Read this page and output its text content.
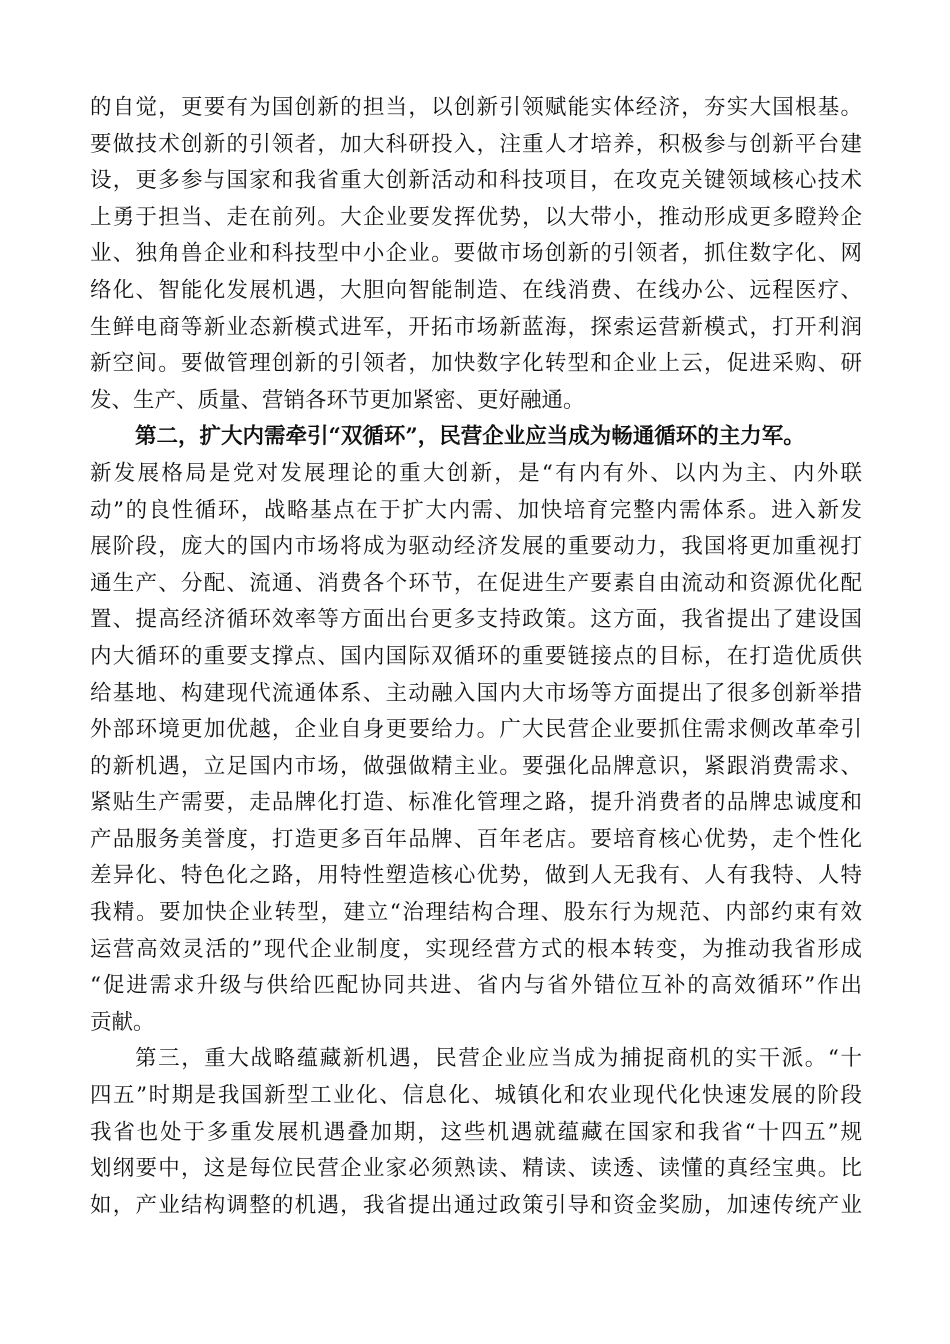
的自觉，更要有为国创新的担当，以创新引领赋能实体经济，夯实大国根基。
要做技术创新的引领者，加大科研投入，注重人才培养，积极参与创新平台建
设，更多参与国家和我省重大创新活动和科技项目，在攻克关键领域核心技术
上勇于担当、走在前列。大企业要发挥优势，以大带小，推动形成更多瞪羚企
业、独角兽企业和科技型中小企业。要做市场创新的引领者，抓住数字化、网
络化、智能化发展机遇，大胆向智能制造、在线消费、在线办公、远程医疗、
生鲜电商等新业态新模式进军，开拓市场新蓝海，探索运营新模式，打开利润
新空间。要做管理创新的引领者，加快数字化转型和企业上云，促进采购、研
发、生产、质量、营销各环节更加紧密、更好融通。
第二，扩大内需牵引“双循环”，民营企业应当成为畅通循环的主力军。
新发展格局是党对发展理论的重大创新，是“有内有外、以内为主、内外联
动”的良性循环，战略基点在于扩大内需、加快培育完整内需体系。进入新发
展阶段，庞大的国内市场将成为驱动经济发展的重要动力，我国将更加重视打
通生产、分配、流通、消费各个环节，在促进生产要素自由流动和资源优化配
置、提高经济循环效率等方面出台更多支持政策。这方面，我省提出了建设国
内大循环的重要支撑点、国内国际双循环的重要链接点的目标，在打造优质供
给基地、构建现代流通体系、主动融入国内大市场等方面提出了很多创新举措
外部环境更加优越，企业自身更要给力。广大民营企业要抓住需求侧改革牵引
的新机遇，立足国内市场，做强做精主业。要强化品牌意识，紧跟消费需求、
紧贴生产需要，走品牌化打造、标准化管理之路，提升消费者的品牌忠诚度和
产品服务美誉度，打造更多百年品牌、百年老店。要培育核心优势，走个性化
差异化、特色化之路，用特性塑造核心优势，做到人无我有、人有我特、人特
我精。要加快企业转型，建立“治理结构合理、股东行为规范、内部约束有效
运营高效灵活的”现代企业制度，实现经营方式的根本转变，为推动我省形成
“促进需求升级与供给匹配协同共进、省内与省外错位互补的高效循环”作出
贡献。
第三，重大战略蕴藏新机遇，民营企业应当成为捕捉商机的实干派。“十
四五”时期是我国新型工业化、信息化、城镇化和农业现代化快速发展的阶段
我省也处于多重发展机遇叠加期，这些机遇就蕴藏在国家和我省“十四五”规
划纲要中，这是每位民营企业家必须熟读、精读、读透、读懂的真经宝典。比
如，产业结构调整的机遇，我省提出通过政策引导和资金奖励，加速传统产业
